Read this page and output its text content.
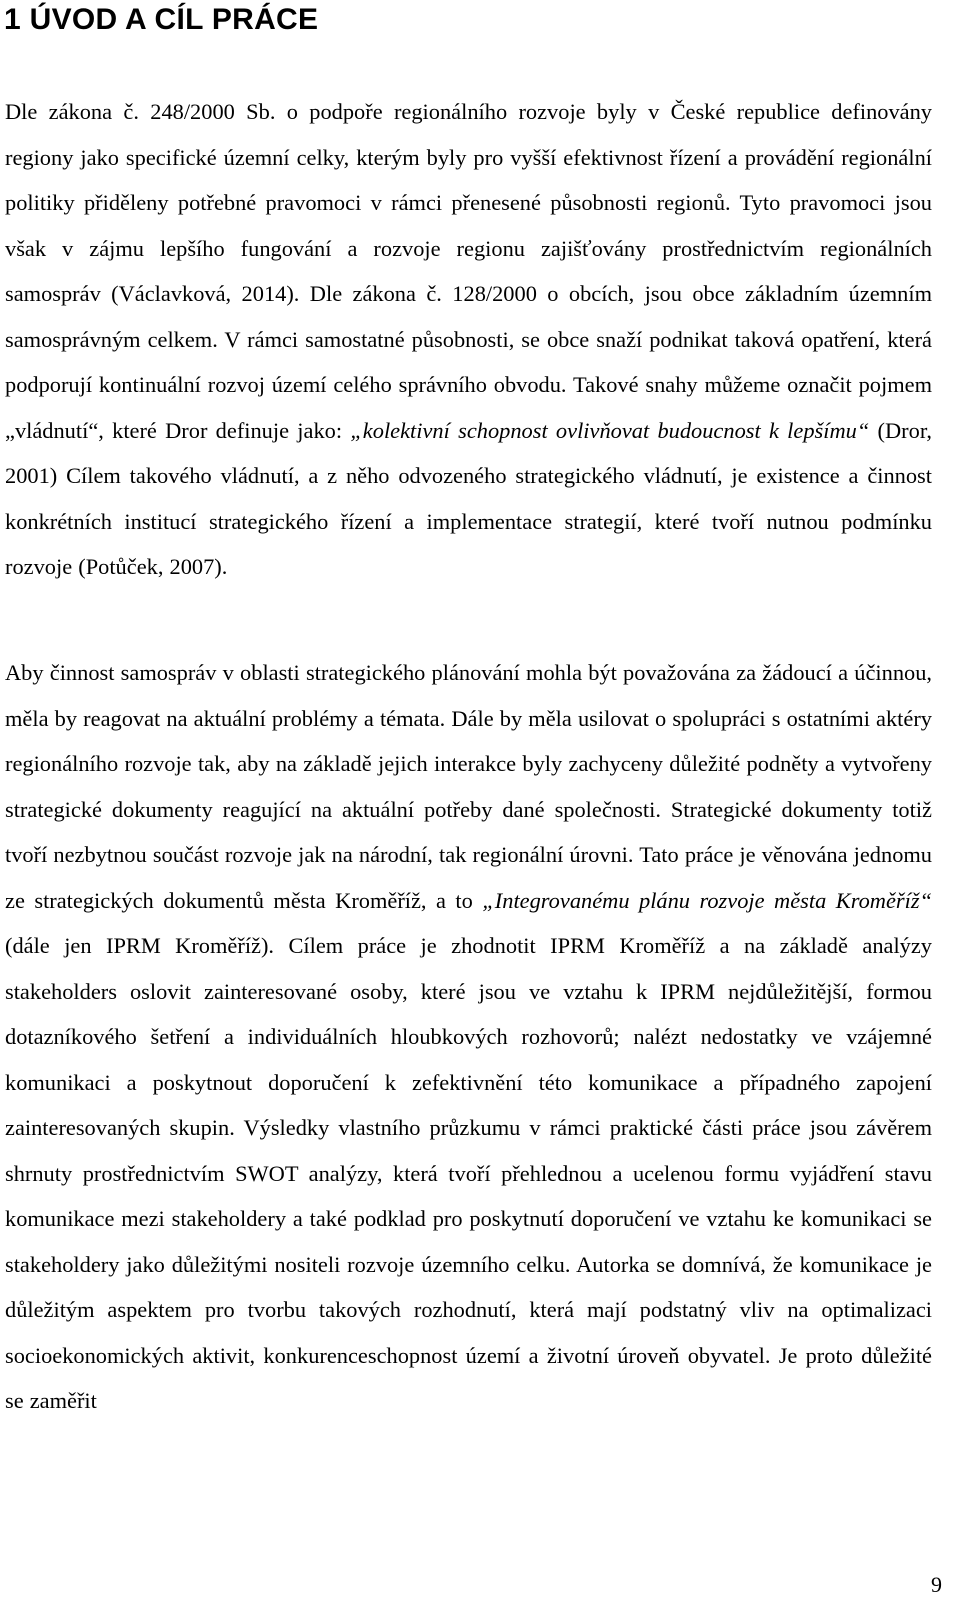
1 ÚVOD A CÍL PRÁCE

Dle zákona č. 248/2000 Sb. o podpoře regionálního rozvoje byly v České republice definovány regiony jako specifické územní celky, kterým byly pro vyšší efektivnost řízení a provádění regionální politiky přiděleny potřebné pravomoci v rámci přenesené působnosti regionů. Tyto pravomoci jsou však v zájmu lepšího fungování a rozvoje regionu zajišťovány prostřednictvím regionálních samospráv (Václavková, 2014). Dle zákona č. 128/2000 o obcích, jsou obce základním územním samosprávným celkem. V rámci samostatné působnosti, se obce snaží podnikat taková opatření, která podporují kontinuální rozvoj území celého správního obvodu. Takové snahy můžeme označit pojmem „vládnutí“, které Dror definuje jako: „kolektivní schopnost ovlivňovat budoucnost k lepšímu“ (Dror, 2001) Cílem takového vládnutí, a z něho odvozeného strategického vládnutí, je existence a činnost konkrétních institucí strategického řízení a implementace strategií, které tvoří nutnou podmínku rozvoje (Potůček, 2007).

Aby činnost samospráv v oblasti strategického plánování mohla být považována za žádoucí a účinnou, měla by reagovat na aktuální problémy a témata. Dále by měla usilovat o spolupráci s ostatními aktéry regionálního rozvoje tak, aby na základě jejich interakce byly zachyceny důležité podněty a vytvořeny strategické dokumenty reagující na aktuální potřeby dané společnosti. Strategické dokumenty totiž tvoří nezbytnou součást rozvoje jak na národní, tak regionální úrovni. Tato práce je věnována jednomu ze strategických dokumentů města Kroměříž, a to „Integrovanému plánu rozvoje města Kroměříž“ (dále jen IPRM Kroměříž). Cílem práce je zhodnotit IPRM Kroměříž a na základě analýzy stakeholders oslovit zainteresované osoby, které jsou ve vztahu k IPRM nejdůležitější, formou dotazníkového šetření a individuálních hloubkových rozhovorů; nalézt nedostatky ve vzájemné komunikaci a poskytnout doporučení k zefektivnění této komunikace a případného zapojení zainteresovaných skupin. Výsledky vlastního průzkumu v rámci praktické části práce jsou závěrem shrnuty prostřednictvím SWOT analýzy, která tvoří přehlednou a ucelenou formu vyjádření stavu komunikace mezi stakeholdery a také podklad pro poskytnutí doporučení ve vztahu ke komunikaci se stakeholdery jako důležitými nositeli rozvoje územního celku. Autorka se domnívá, že komunikace je důležitým aspektem pro tvorbu takových rozhodnutí, která mají podstatný vliv na optimalizaci socioekonomických aktivit, konkurenceschopnost území a životní úroveň obyvatel. Je proto důležité se zaměřit

9
